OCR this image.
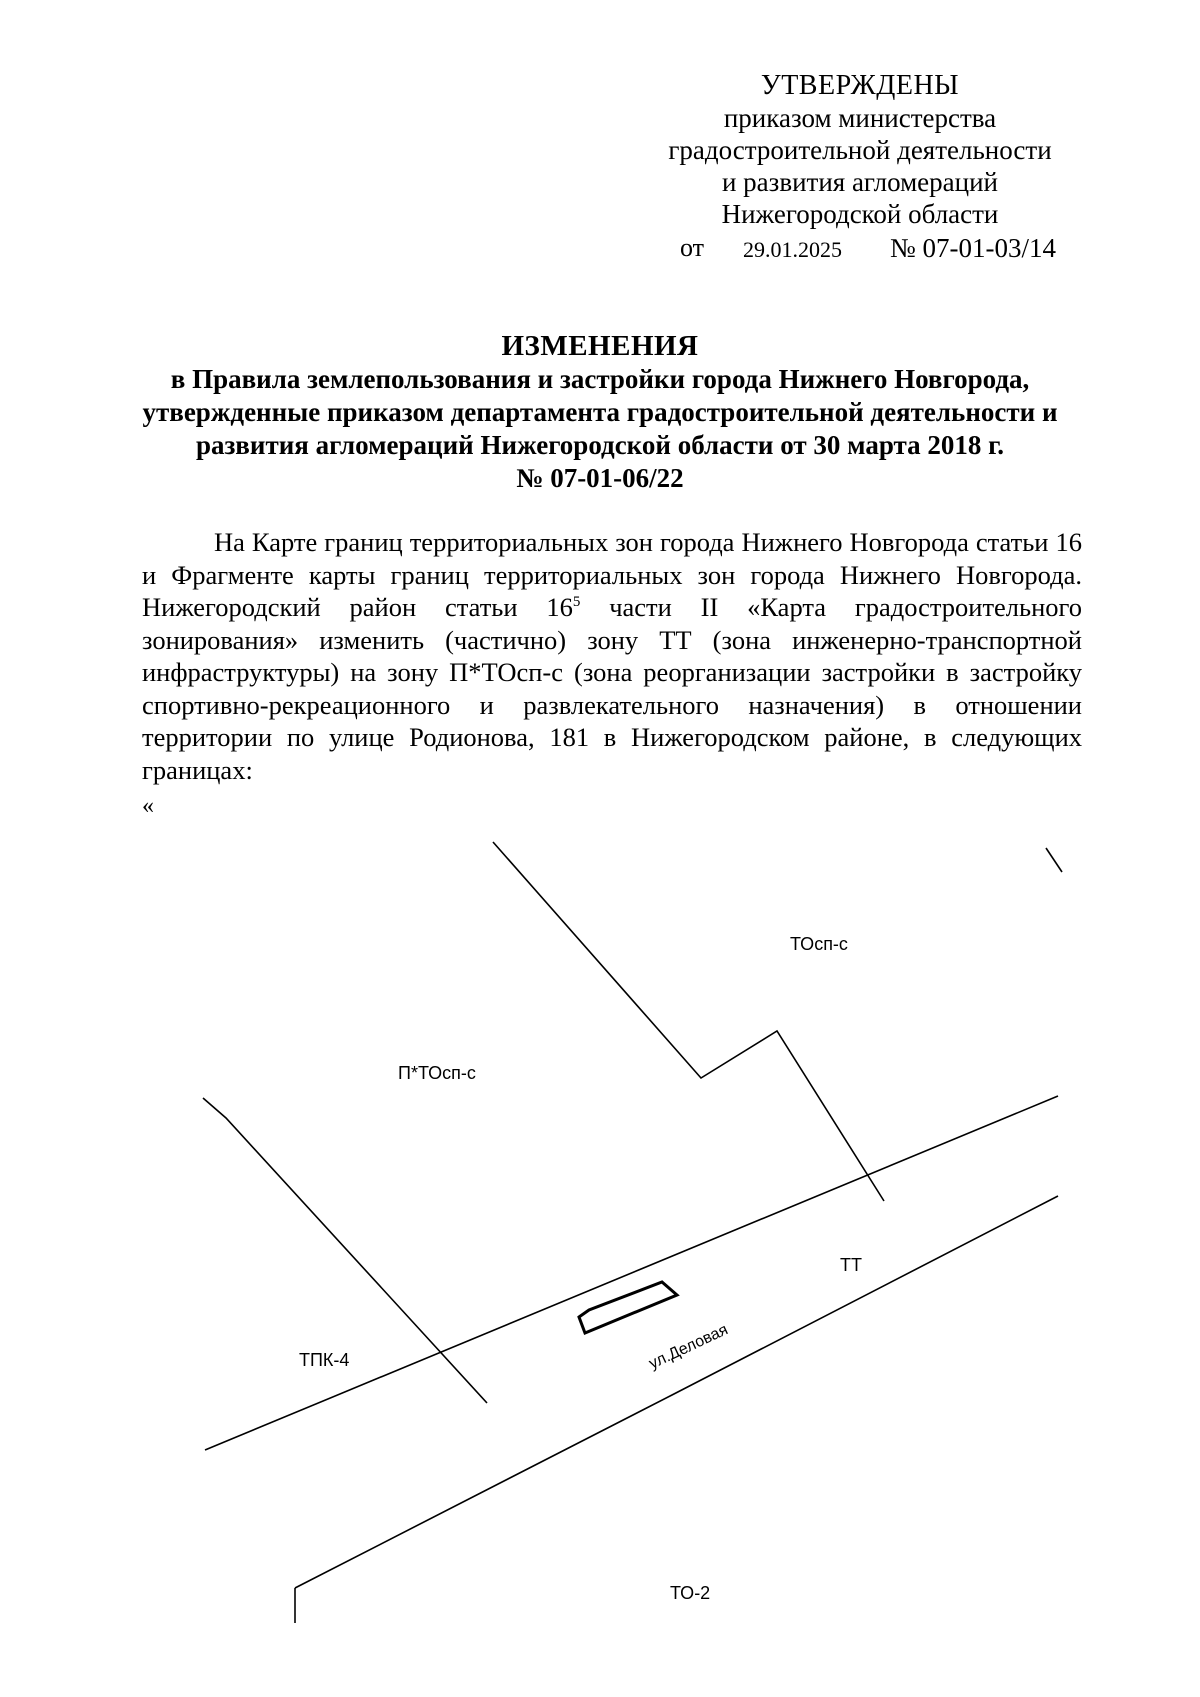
УТВЕРЖДЕНЫ
приказом министерства
градостроительной деятельности
и развития агломераций
Нижегородской области
от 29.01.2025 № 07-01-03/14
ИЗМЕНЕНИЯ
в Правила землепользования и застройки города Нижнего Новгорода,
утвержденные приказом департамента градостроительной деятельности и
развития агломераций Нижегородской области от 30 марта 2018 г.
№ 07-01-06/22

На Карте границ территориальных зон города Нижнего Новгорода статьи 16 и Фрагменте карты границ территориальных зон города Нижнего Новгорода. Нижегородский район статьи $16^5$ части II «Карта градостроительного зонирования» изменить (частично) зону ТТ (зона инженерно-транспортной инфраструктуры) на зону П*ТОсп-с (зона реорганизации застройки в застройку спортивно-рекреационного и развлекательного назначения) в отношении территории по улице Родионова, 181 в Нижегородском районе, в следующих границах:

«
ТОсп-с
П*ТОсп-с
ТТ
ТПК-4
ТО-2
ул.Деловая
